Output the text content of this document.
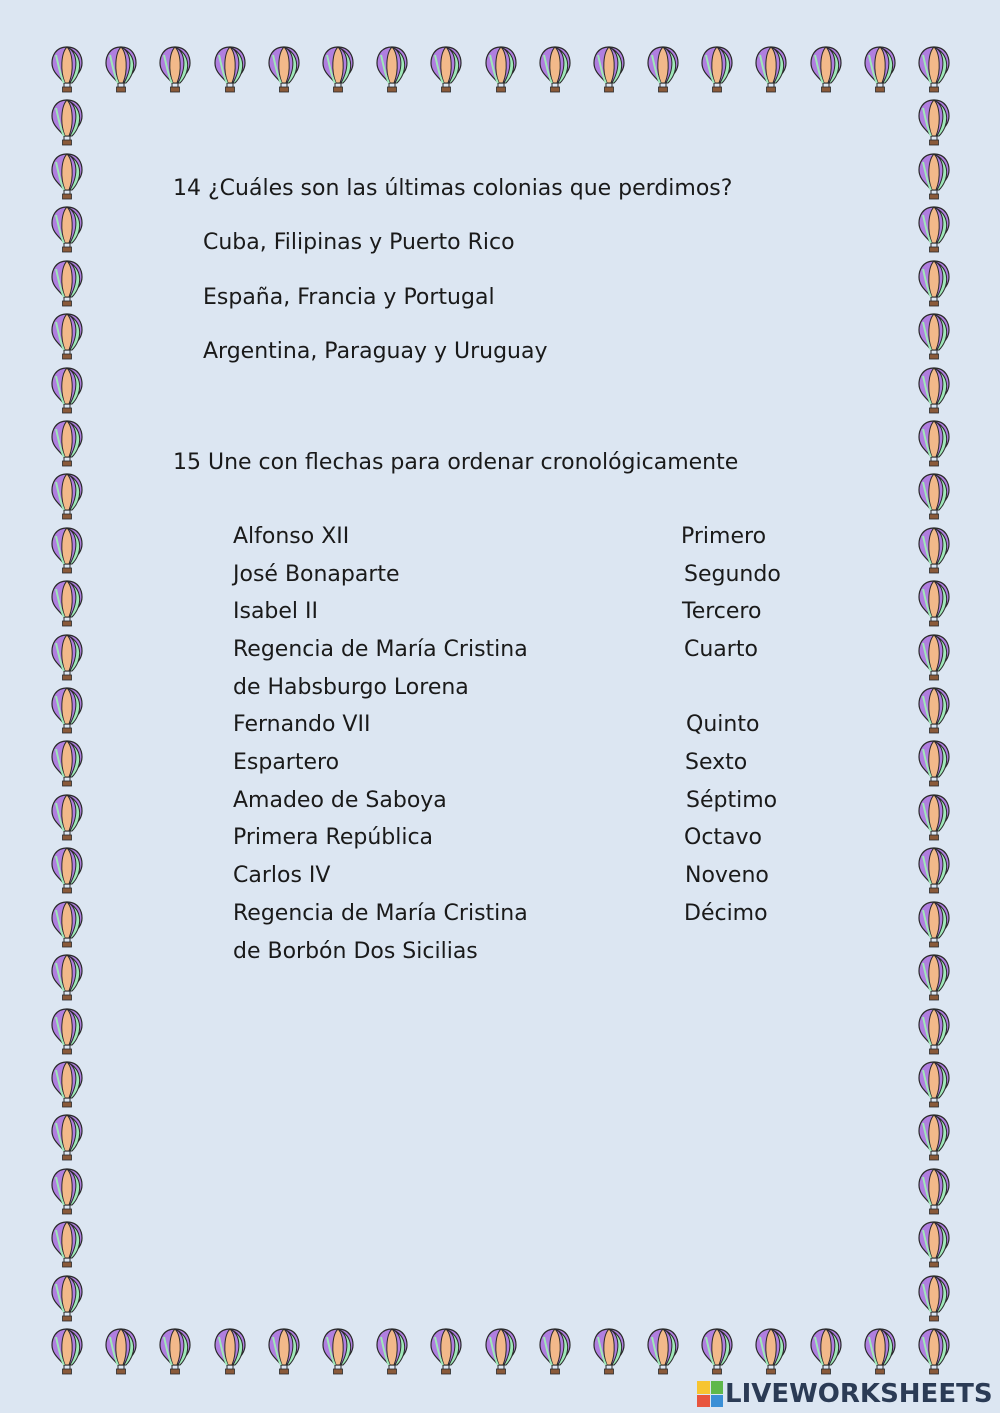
14 ¿Cuáles son las últimas colonias que perdimos?
Cuba, Filipinas y Puerto Rico
España, Francia y Portugal
Argentina, Paraguay y Uruguay
15 Une con flechas para ordenar cronológicamente
Alfonso XII
José Bonaparte
Isabel II
Regencia de María Cristina
de Habsburgo Lorena
Fernando VII
Espartero
Amadeo de Saboya
Primera República
Carlos IV
Regencia de María Cristina
de Borbón Dos Sicilias
Primero
Segundo
Tercero
Cuarto
Quinto
Sexto
Séptimo
Octavo
Noveno
Décimo
LIVEWORKSHEETS
